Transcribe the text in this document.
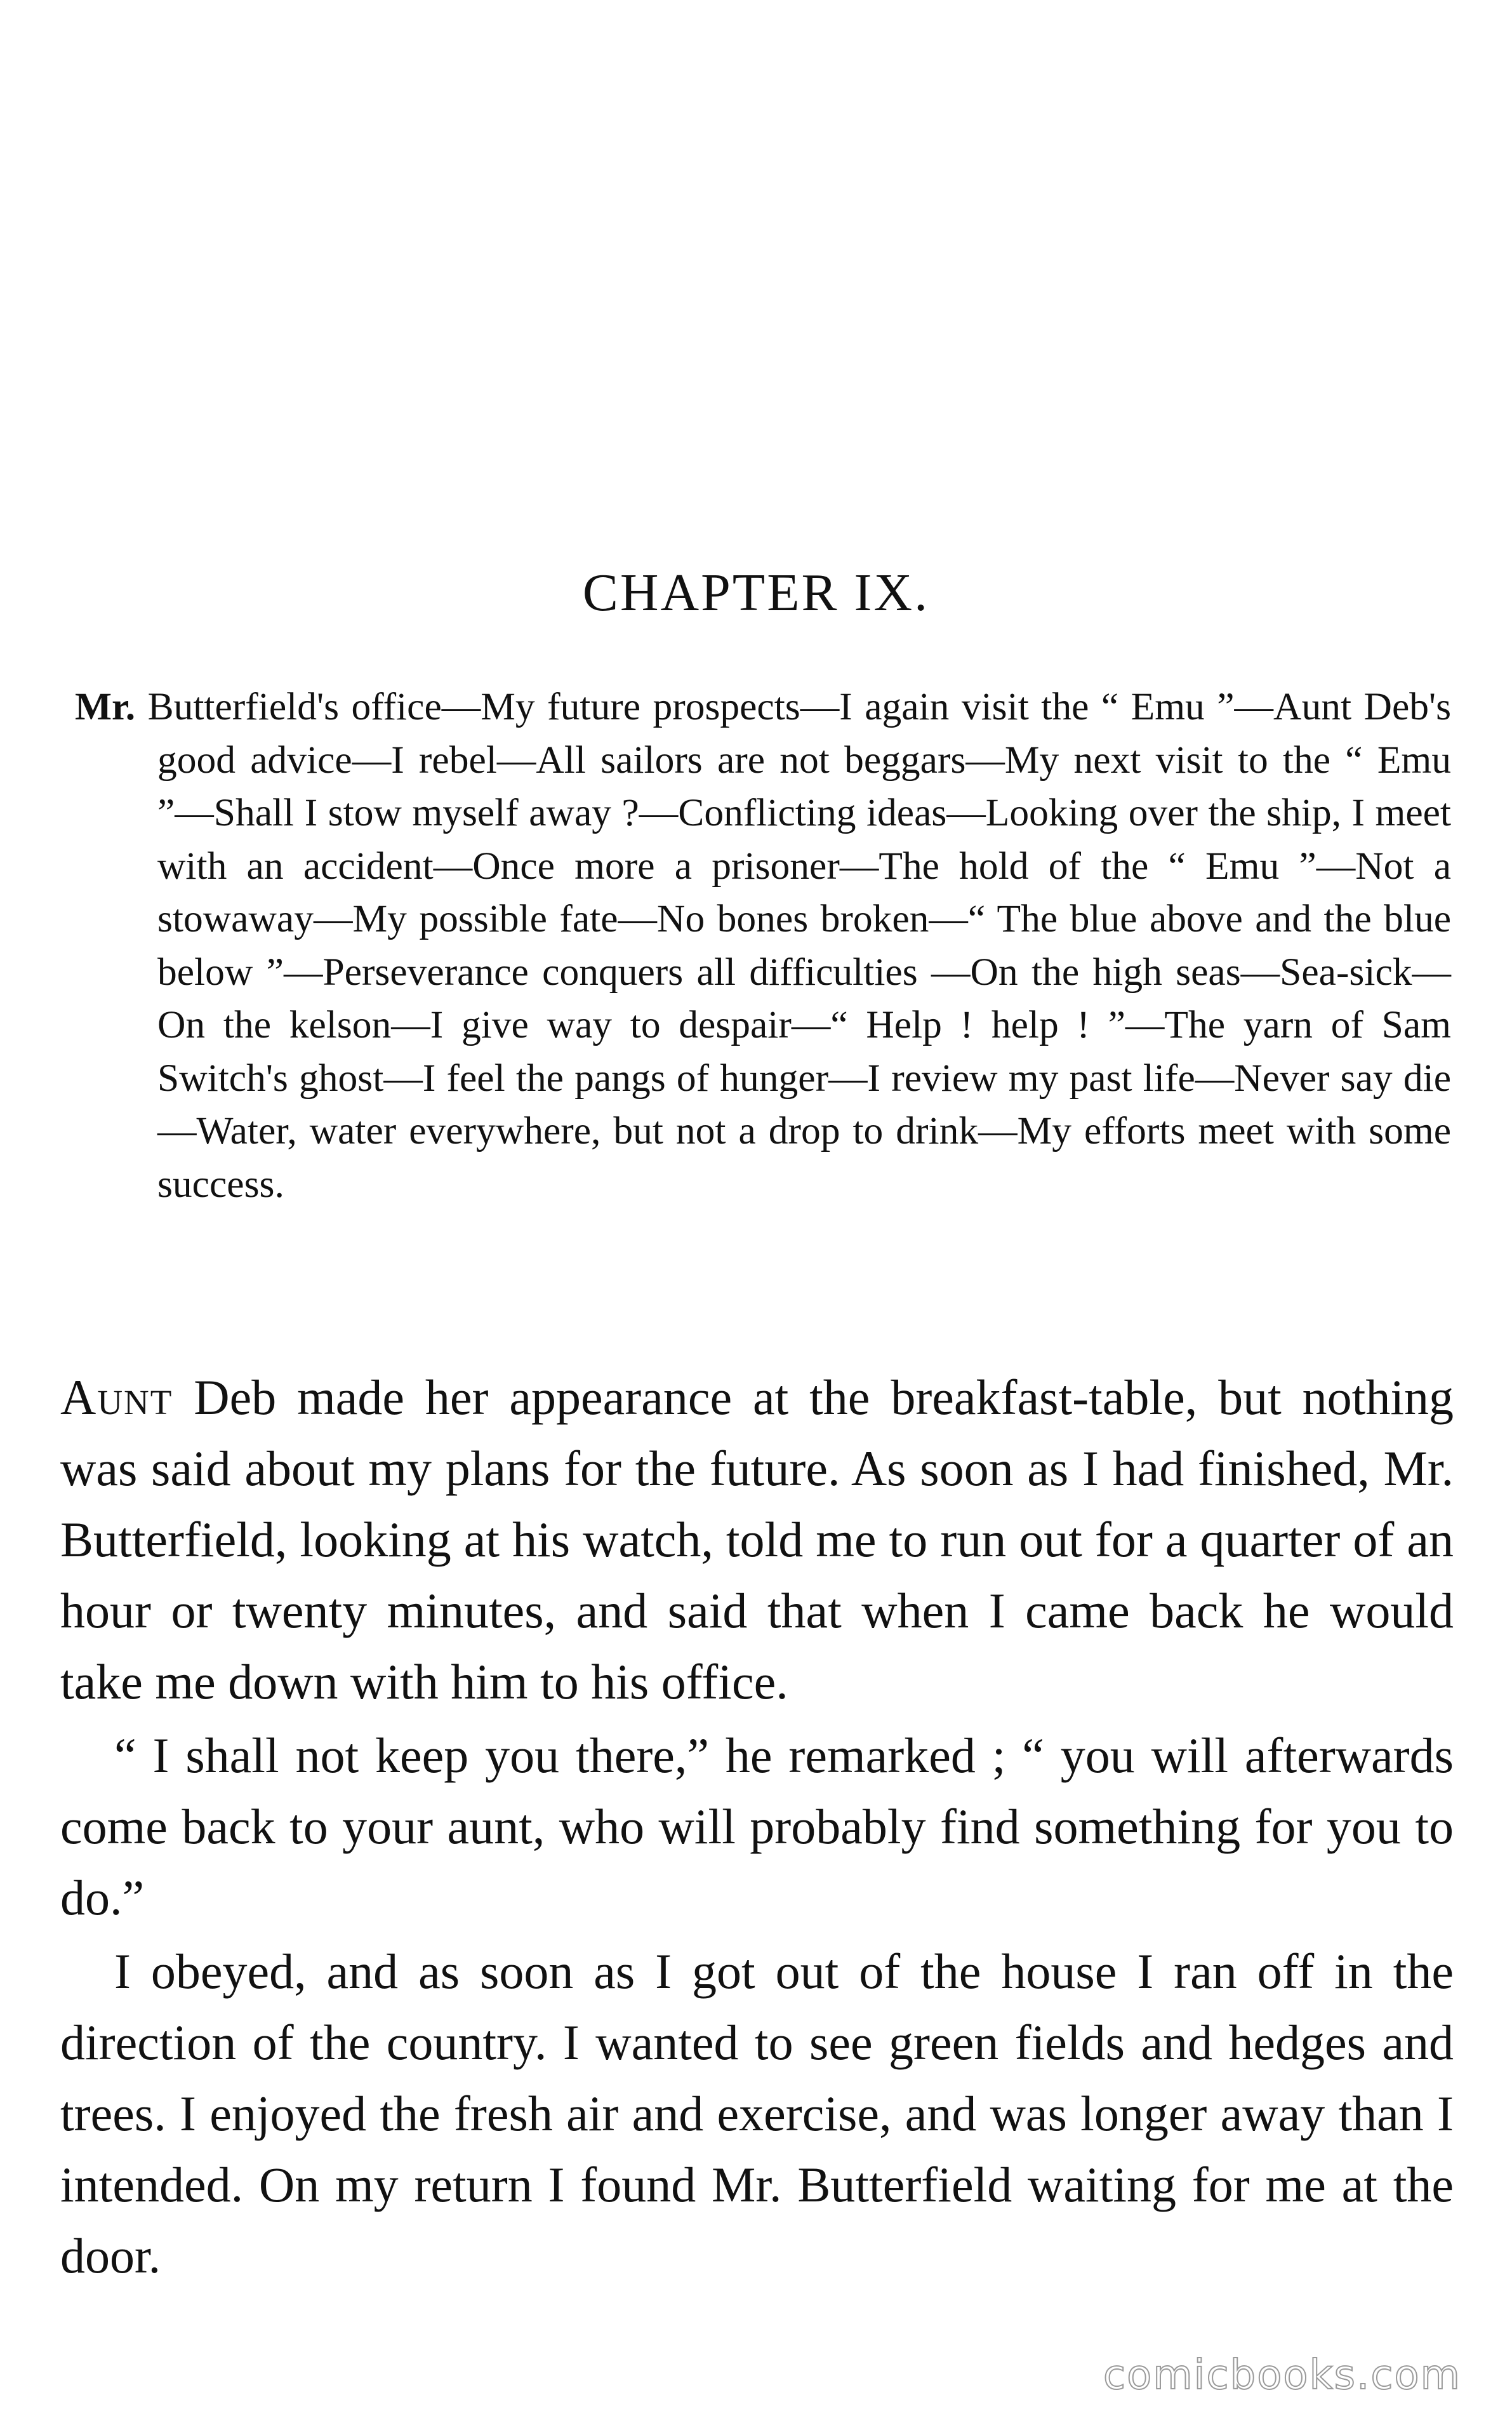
CHAPTER IX.

Mr. Butterfield's office—My future prospects—I again visit the “ Emu ”—Aunt Deb's good advice—I rebel—All sailors are not beggars—My next visit to the “ Emu ”—Shall I stow myself away ?—Conflicting ideas—Looking over the ship, I meet with an accident—Once more a prisoner—The hold of the “ Emu ”—Not a stowaway—My possible fate—No bones broken—“ The blue above and the blue below ”—Perseverance conquers all difficulties —On the high seas—Sea-sick—On the kelson—I give way to despair—“ Help ! help ! ”—The yarn of Sam Switch's ghost—I feel the pangs of hunger—I review my past life—Never say die—Water, water everywhere, but not a drop to drink—My efforts meet with some success.

Aunt Deb made her appearance at the breakfast-table, but nothing was said about my plans for the future. As soon as I had finished, Mr. Butterfield, looking at his watch, told me to run out for a quarter of an hour or twenty minutes, and said that when I came back he would take me down with him to his office.

“ I shall not keep you there,” he remarked ; “ you will afterwards come back to your aunt, who will probably find something for you to do.”

I obeyed, and as soon as I got out of the house I ran off in the direction of the country. I wanted to see green fields and hedges and trees. I enjoyed the fresh air and exercise, and was longer away than I intended. On my return I found Mr. Butterfield waiting for me at the door.

comicbooks.com
